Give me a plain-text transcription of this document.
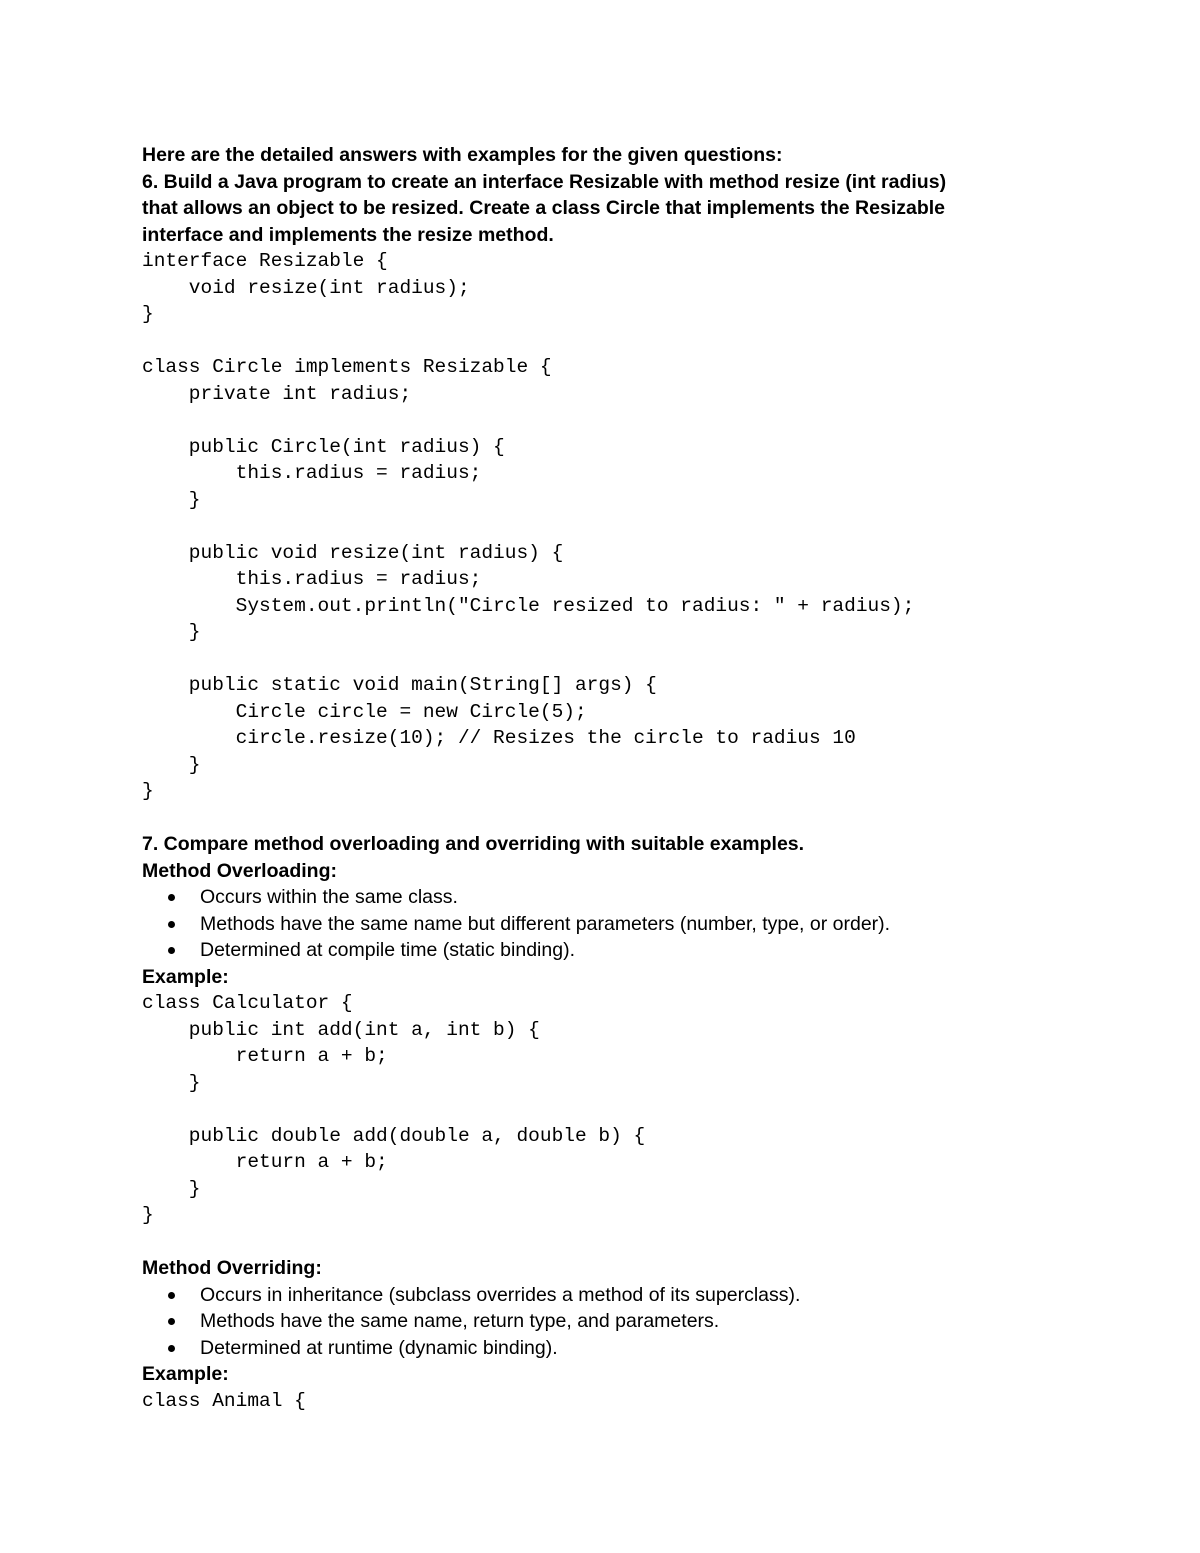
Here are the detailed answers with examples for the given questions:
6. Build a Java program to create an interface Resizable with method resize (int radius)
that allows an object to be resized. Create a class Circle that implements the Resizable
interface and implements the resize method.
interface Resizable {
void resize(int radius);
}

class Circle implements Resizable {
private int radius;

public Circle(int radius) {
this.radius = radius;
}

public void resize(int radius) {
this.radius = radius;
System.out.println("Circle resized to radius: " + radius);
}

public static void main(String[] args) {
Circle circle = new Circle(5);
circle.resize(10); // Resizes the circle to radius 10
}
}
7. Compare method overloading and overriding with suitable examples.
Method Overloading:
Occurs within the same class.
Methods have the same name but different parameters (number, type, or order).
Determined at compile time (static binding).
Example:
class Calculator {
public int add(int a, int b) {
return a + b;
}

public double add(double a, double b) {
return a + b;
}
}
Method Overriding:
Occurs in inheritance (subclass overrides a method of its superclass).
Methods have the same name, return type, and parameters.
Determined at runtime (dynamic binding).
Example:
class Animal {
